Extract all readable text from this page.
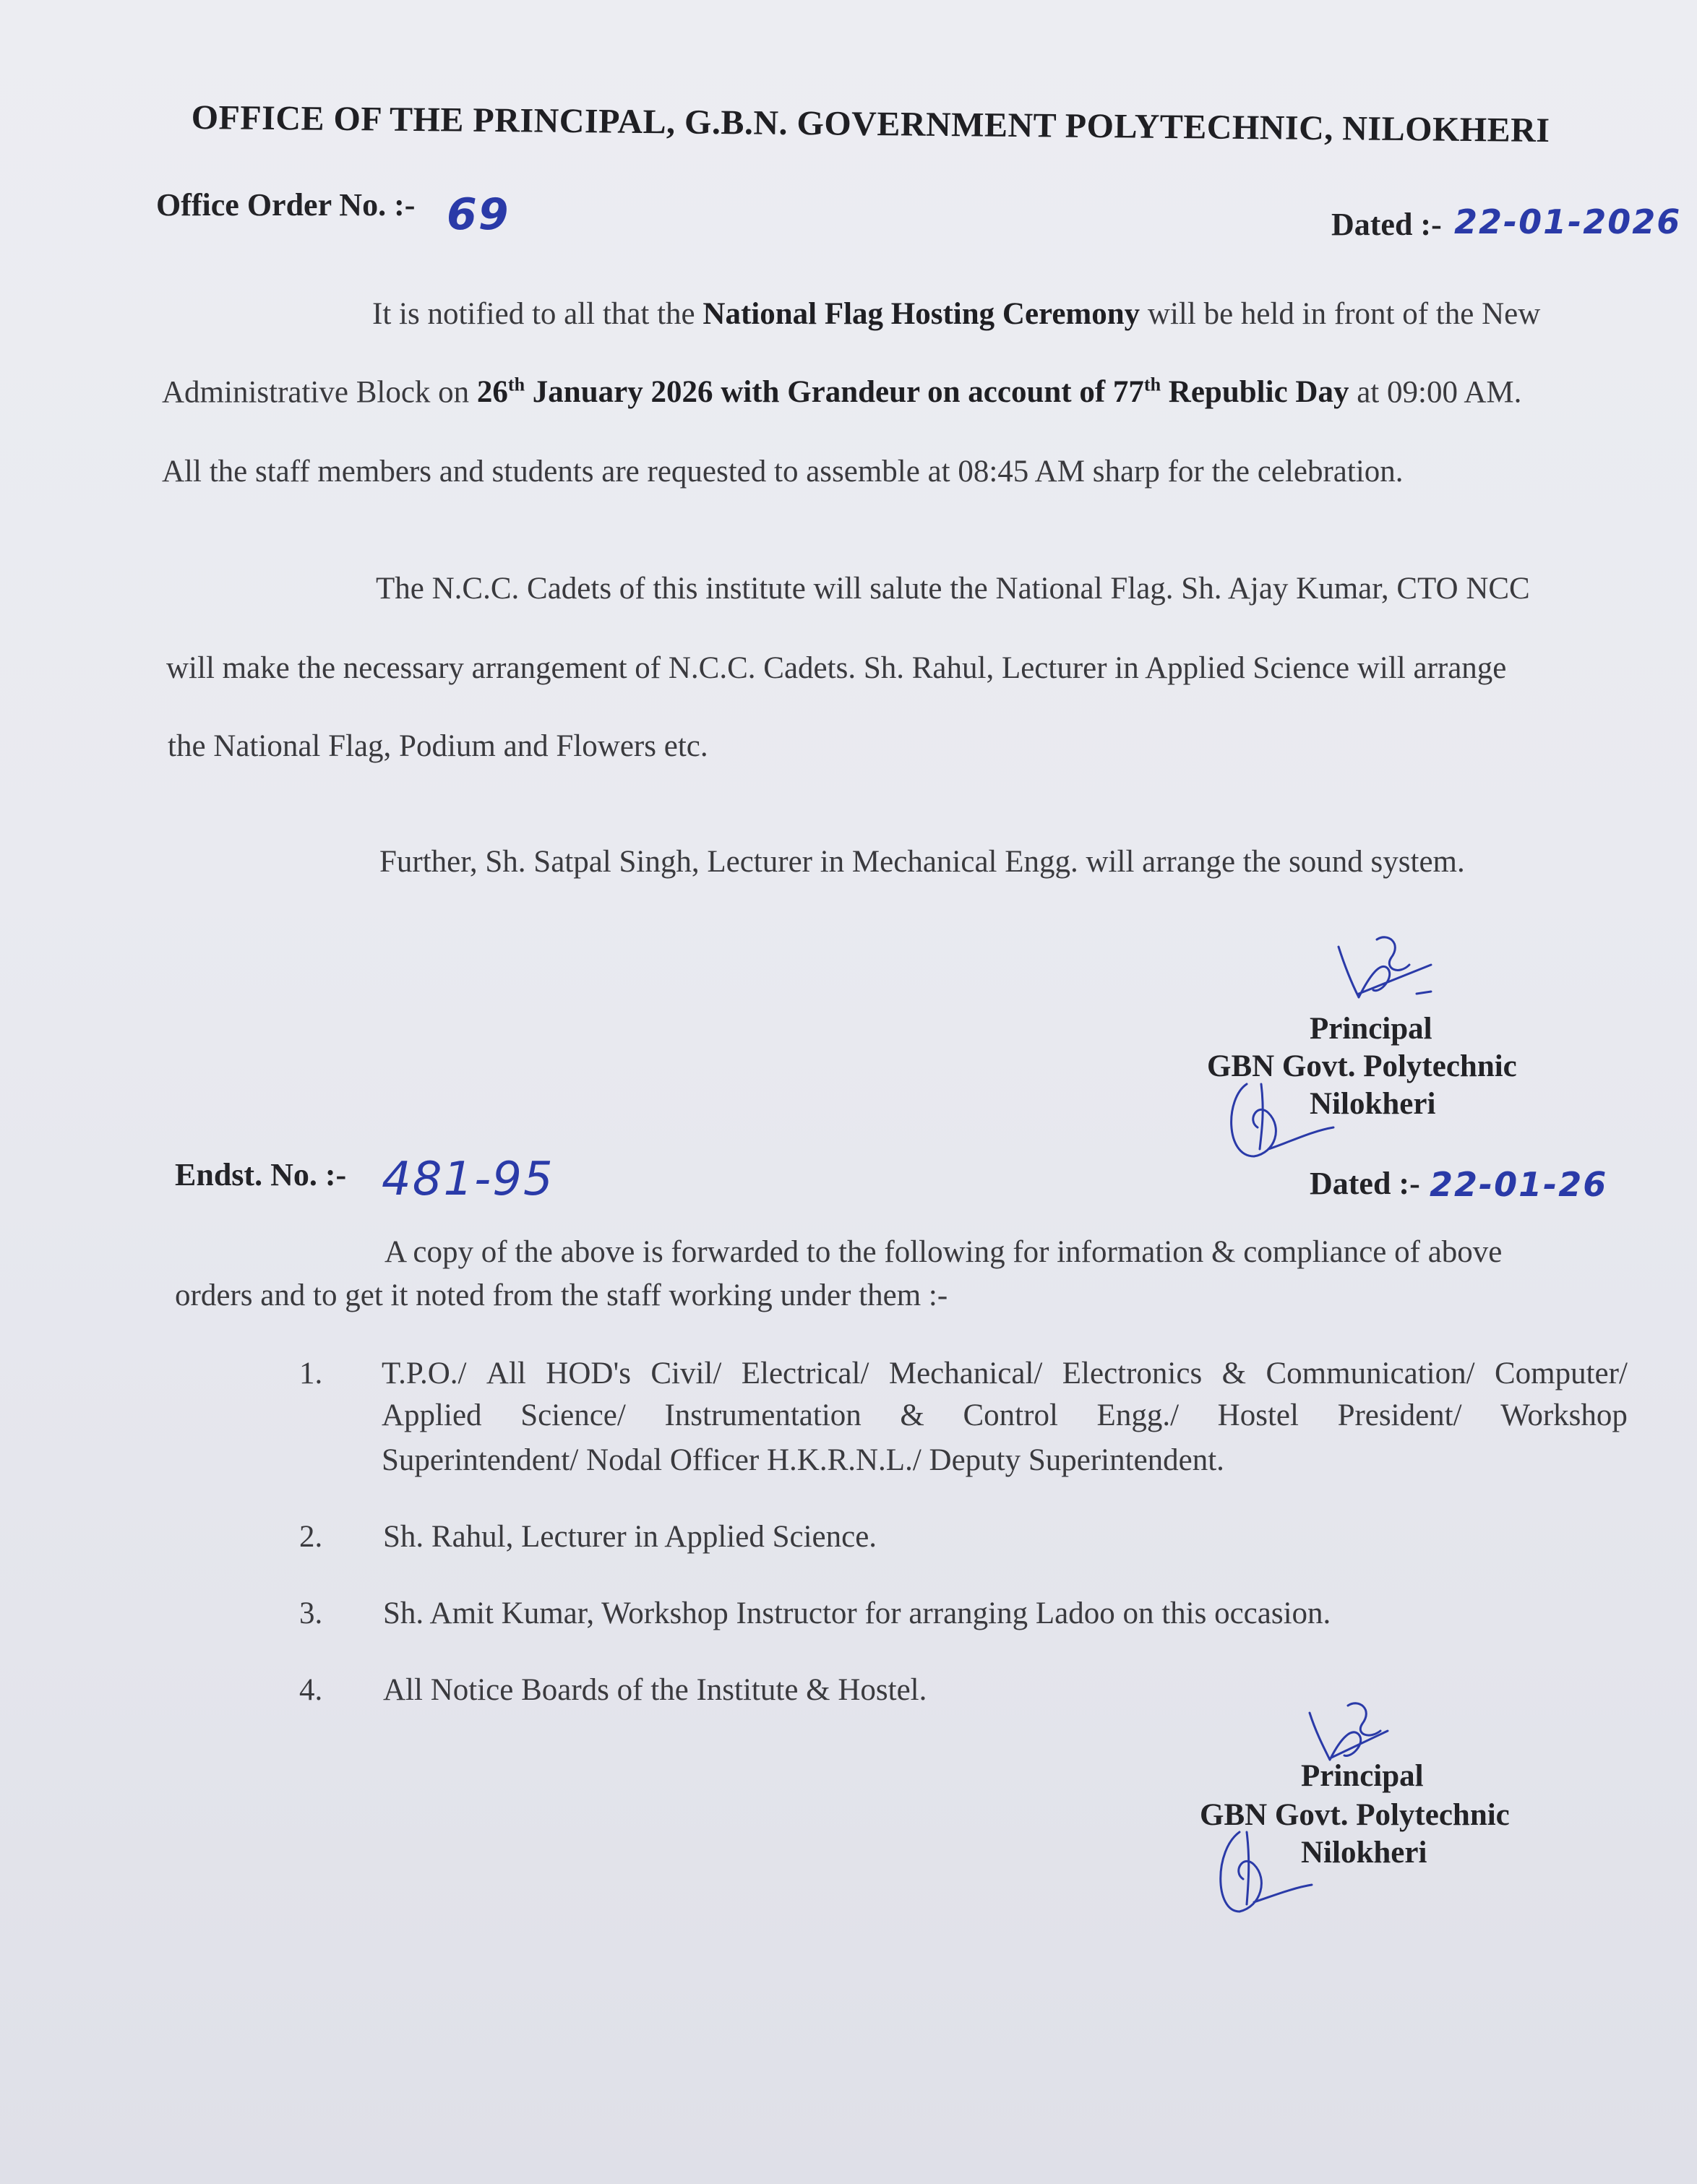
OFFICE OF THE PRINCIPAL, G.B.N. GOVERNMENT POLYTECHNIC, NILOKHERI
Office Order No. :- 69	Dated :- 22-01-2026
It is notified to all that the National Flag Hosting Ceremony will be held in front of the New
Administrative Block on 26th January 2026 with Grandeur on account of 77th Republic Day at 09:00 AM.
All the staff members and students are requested to assemble at 08:45 AM sharp for the celebration.
The N.C.C. Cadets of this institute will salute the National Flag. Sh. Ajay Kumar, CTO NCC
will make the necessary arrangement of N.C.C. Cadets. Sh. Rahul, Lecturer in Applied Science will arrange
the National Flag, Podium and Flowers etc.
Further, Sh. Satpal Singh, Lecturer in Mechanical Engg. will arrange the sound system.
Principal
GBN Govt. Polytechnic
Nilokheri
Endst. No. :- 481-95	Dated :- 22-01-26
A copy of the above is forwarded to the following for information & compliance of above
orders and to get it noted from the staff working under them :-
1. T.P.O./ All HOD's Civil/ Electrical/ Mechanical/ Electronics & Communication/ Computer/
Applied Science/ Instrumentation & Control Engg./ Hostel President/ Workshop
Superintendent/ Nodal Officer H.K.R.N.L./ Deputy Superintendent.
2. Sh. Rahul, Lecturer in Applied Science.
3. Sh. Amit Kumar, Workshop Instructor for arranging Ladoo on this occasion.
4. All Notice Boards of the Institute & Hostel.
Principal
GBN Govt. Polytechnic
Nilokheri
